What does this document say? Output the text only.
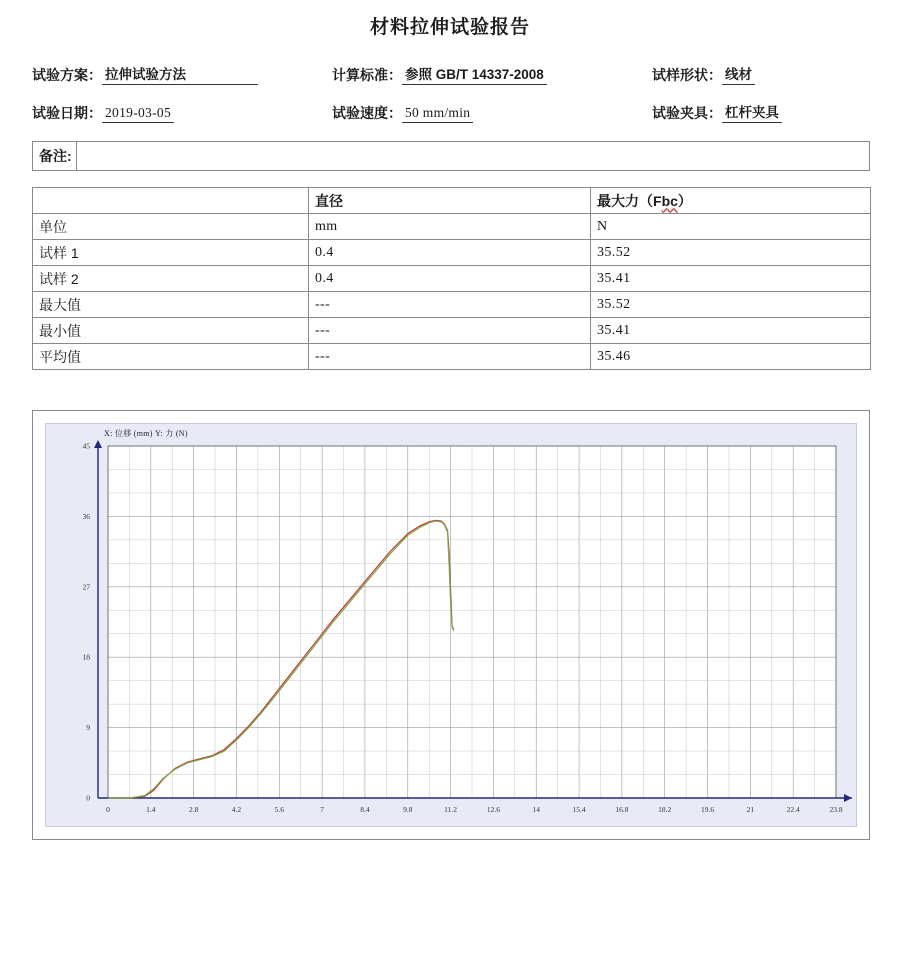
材料拉伸试验报告
试验方案： 拉伸试验方法	计算标准： 参照 GB/T 14337-2008	试样形状： 线材
试验日期： 2019-03-05	试验速度： 50 mm/min	试验夹具： 杠杆夹具
备注:
	直径	最大力（Fbc）
单位	mm	N
试样 1	0.4	35.52
试样 2	0.4	35.41
最大值	---	35.52
最小值	---	35.41
平均值	---	35.46
X: 位移 (mm) Y: 力 (N)
0
9
18
27
36
45
0	1.4	2.8	4.2	5.6	7	8.4	9.8	11.2	12.6	14	15.4	16.8	18.2	19.6	21	22.4	23.8
